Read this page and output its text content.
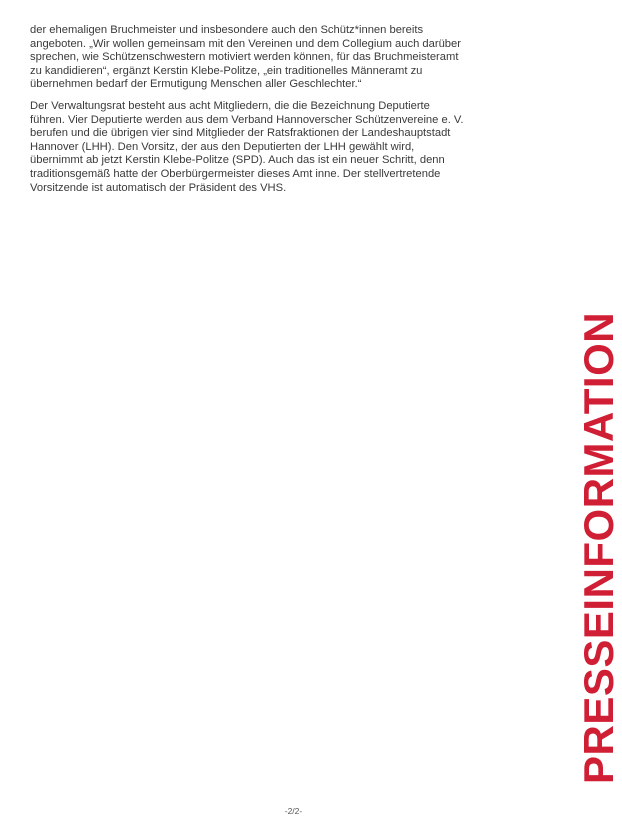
der ehemaligen Bruchmeister und insbesondere auch den Schütz*innen bereits
angeboten. „Wir wollen gemeinsam mit den Vereinen und dem Collegium auch darüber
sprechen, wie Schützenschwestern motiviert werden können, für das Bruchmeisteramt
zu kandidieren“, ergänzt Kerstin Klebe-Politze, „ein traditionelles Männeramt zu
übernehmen bedarf der Ermutigung Menschen aller Geschlechter.“

Der Verwaltungsrat besteht aus acht Mitgliedern, die die Bezeichnung Deputierte
führen. Vier Deputierte werden aus dem Verband Hannoverscher Schützenvereine e. V.
berufen und die übrigen vier sind Mitglieder der Ratsfraktionen der Landeshauptstadt
Hannover (LHH). Den Vorsitz, der aus den Deputierten der LHH gewählt wird,
übernimmt ab jetzt Kerstin Klebe-Politze (SPD). Auch das ist ein neuer Schritt, denn
traditionsgemäß hatte der Oberbürgermeister dieses Amt inne. Der stellvertretende
Vorsitzende ist automatisch der Präsident des VHS.

PRESSEINFORMATION
-2/2-
